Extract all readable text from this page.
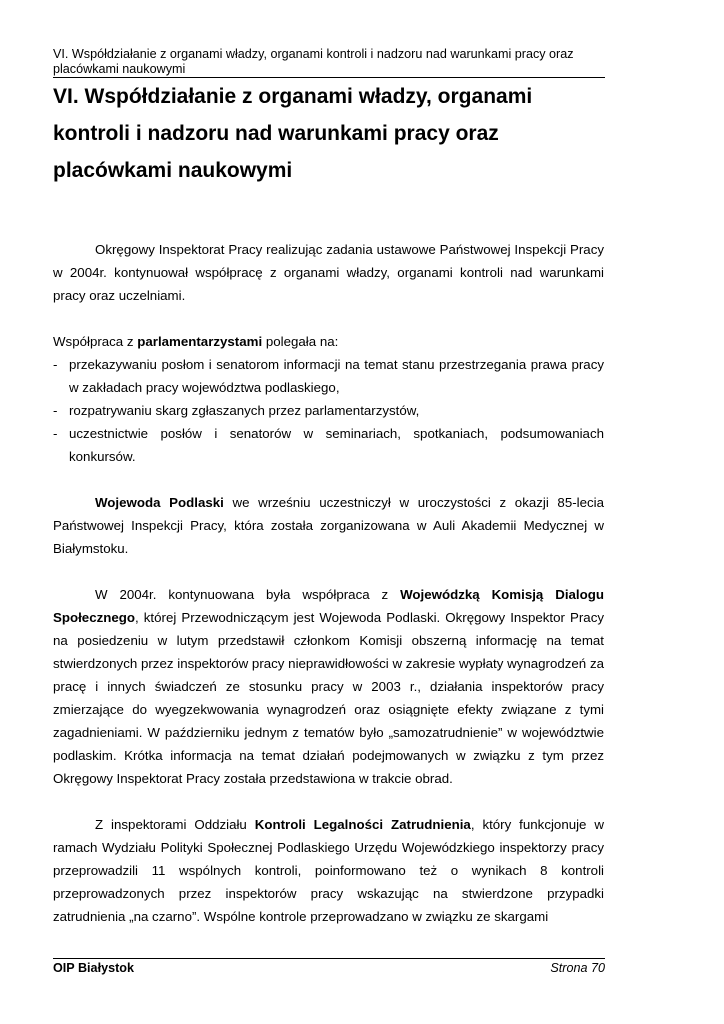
VI. Współdziałanie z organami władzy, organami kontroli i nadzoru nad warunkami pracy oraz placówkami naukowymi
VI. Współdziałanie z organami władzy, organami kontroli i nadzoru nad warunkami pracy oraz placówkami naukowymi

Okręgowy Inspektorat Pracy realizując zadania ustawowe Państwowej Inspekcji Pracy w 2004r. kontynuował współpracę z organami władzy, organami kontroli nad warunkami pracy oraz uczelniami.

Współpraca z parlamentarzystami polegała na:

- przekazywaniu posłom i senatorom informacji na temat stanu przestrzegania prawa pracy w zakładach pracy województwa podlaskiego,
- rozpatrywaniu skarg zgłaszanych przez parlamentarzystów,
- uczestnictwie posłów i senatorów w seminariach, spotkaniach, podsumowaniach konkursów.

Wojewoda Podlaski we wrześniu uczestniczył w uroczystości z okazji 85-lecia Państwowej Inspekcji Pracy, która została zorganizowana w Auli Akademii Medycznej w Białymstoku.

W 2004r. kontynuowana była współpraca z Wojewódzką Komisją Dialogu Społecznego, której Przewodniczącym jest Wojewoda Podlaski. Okręgowy Inspektor Pracy na posiedzeniu w lutym przedstawił członkom Komisji obszerną informację na temat stwierdzonych przez inspektorów pracy nieprawidłowości w zakresie wypłaty wynagrodzeń za pracę i innych świadczeń ze stosunku pracy w 2003 r., działania inspektorów pracy zmierzające do wyegzekwowania wynagrodzeń oraz osiągnięte efekty związane z tymi zagadnieniami. W październiku jednym z tematów było „samozatrudnienie” w województwie podlaskim. Krótka informacja na temat działań podejmowanych w związku z tym przez Okręgowy Inspektorat Pracy została przedstawiona w trakcie obrad.

Z inspektorami Oddziału Kontroli Legalności Zatrudnienia, który funkcjonuje w ramach Wydziału Polityki Społecznej Podlaskiego Urzędu Wojewódzkiego inspektorzy pracy przeprowadzili 11 wspólnych kontroli, poinformowano też o wynikach 8 kontroli przeprowadzonych przez inspektorów pracy wskazując na stwierdzone przypadki zatrudnienia „na czarno”. Wspólne kontrole przeprowadzano w związku ze skargami

OIP Białystok	Strona 70
